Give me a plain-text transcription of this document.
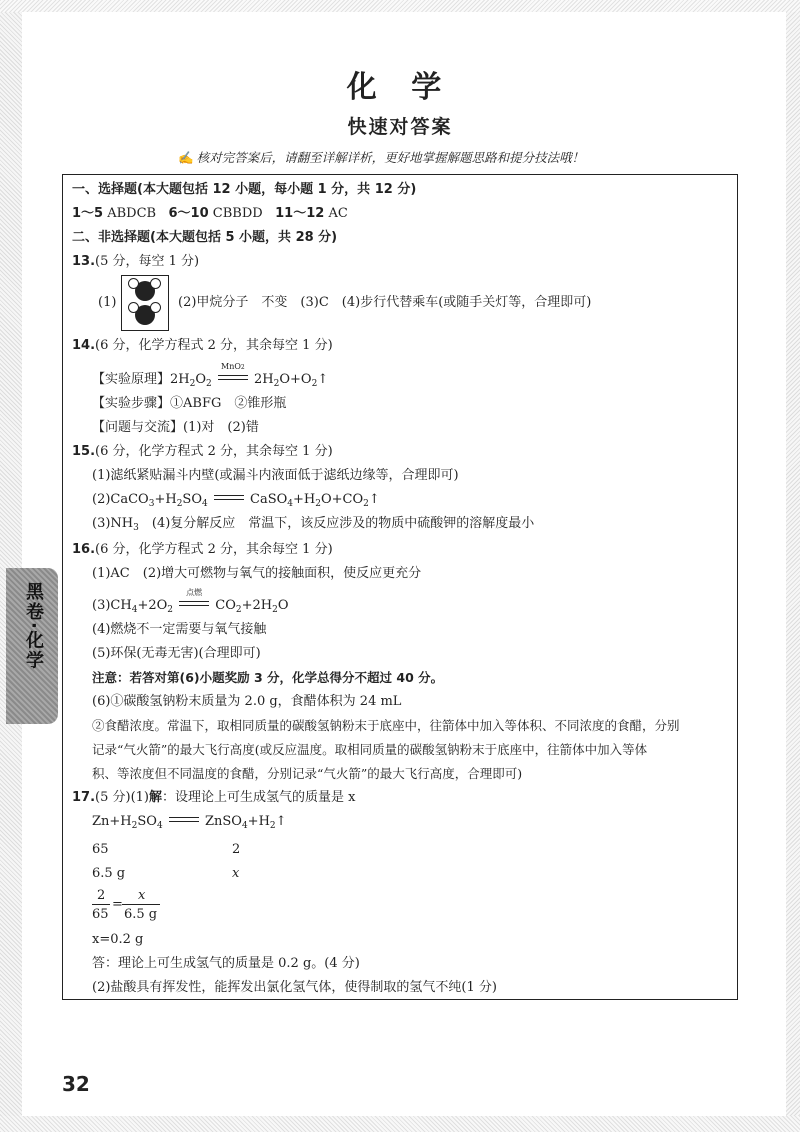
化 学
快速对答案
✍ 核对完答案后，请翻至详解详析，更好地掌握解题思路和提分技法哦！
一、选择题(本大题包括 12 小题，每小题 1 分，共 12 分)
1～5 ABDCB 6～10 CBBDD 11～12 AC
二、非选择题(本大题包括 5 小题，共 28 分)
13.(5 分，每空 1 分)
(1)	(2)甲烷分子　不变　(3)C　(4)步行代替乘车(或随手关灯等，合理即可)
14.(6 分，化学方程式 2 分，其余每空 1 分)
【实验原理】$2H_2O_2$
MnO2
$2H_2O+O_2↑$
【实验步骤】①ABFG　②锥形瓶
【问题与交流】(1)对　(2)错
15.(6 分，化学方程式 2 分，其余每空 1 分)
(1)滤纸紧贴漏斗内壁(或漏斗内液面低于滤纸边缘等，合理即可)
$(2)CaCO_3+H_2SO_4$	$CaSO_4+H_2O+CO_2↑$
$(3)NH_3$　(4)复分解反应　常温下，该反应涉及的物质中硫酸钾的溶解度最小
16.(6 分，化学方程式 2 分，其余每空 1 分)
(1)AC　(2)增大可燃物与氧气的接触面积，使反应更充分
$(3)CH_4+2O_2$
点燃
$CO_2+2H_2O$
(4)燃烧不一定需要与氧气接触
(5)环保(无毒无害)(合理即可)
注意：若答对第(6)小题奖励 3 分，化学总得分不超过 40 分。
(6)①碳酸氢钠粉末质量为 2.0 g，食醋体积为 24 mL
②食醋浓度。常温下，取相同质量的碳酸氢钠粉末于底座中，往箭体中加入等体积、不同浓度的食醋，分别
记录“气火箭”的最大飞行高度(或反应温度。取相同质量的碳酸氢钠粉末于底座中，往箭体中加入等体
积、等浓度但不同温度的食醋，分别记录“气火箭”的最大飞行高度，合理即可)
17.(5 分)(1)解：设理论上可生成氢气的质量是 x
$Zn+H_2SO_4$	$ZnSO_4+H_2↑$
65	2
6.5 g	x
2
65
=
x
6.5 g
x=0.2 g
答：理论上可生成氢气的质量是 0.2 g。(4 分)
(2)盐酸具有挥发性，能挥发出氯化氢气体，使得制取的氢气不纯(1 分)
黑卷·化学
32
